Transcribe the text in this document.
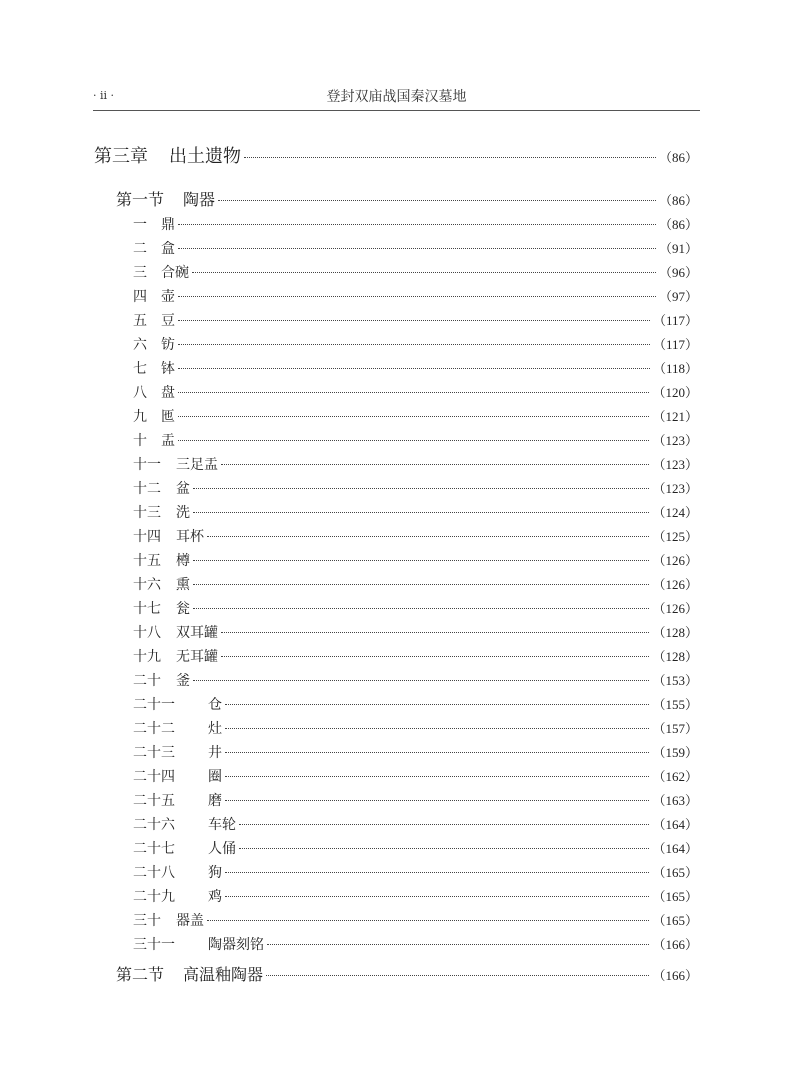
· ii ·	登封双庙战国秦汉墓地
第三章	出土遗物	（86）
第一节	陶器	（86）
一	鼎	（86）
二	盒	（91）
三	合碗	（96）
四	壶	（97）
五	豆	（117）
六	钫	（117）
七	钵	（118）
八	盘	（120）
九	匜	（121）
十	盂	（123）
十一	三足盂	（123）
十二	盆	（123）
十三	洗	（124）
十四	耳杯	（125）
十五	樽	（126）
十六	熏	（126）
十七	瓮	（126）
十八	双耳罐	（128）
十九	无耳罐	（128）
二十	釜	（153）
二十一	仓	（155）
二十二	灶	（157）
二十三	井	（159）
二十四	圈	（162）
二十五	磨	（163）
二十六	车轮	（164）
二十七	人俑	（164）
二十八	狗	（165）
二十九	鸡	（165）
三十	器盖	（165）
三十一	陶器刻铭	（166）
第二节	高温釉陶器	（166）
